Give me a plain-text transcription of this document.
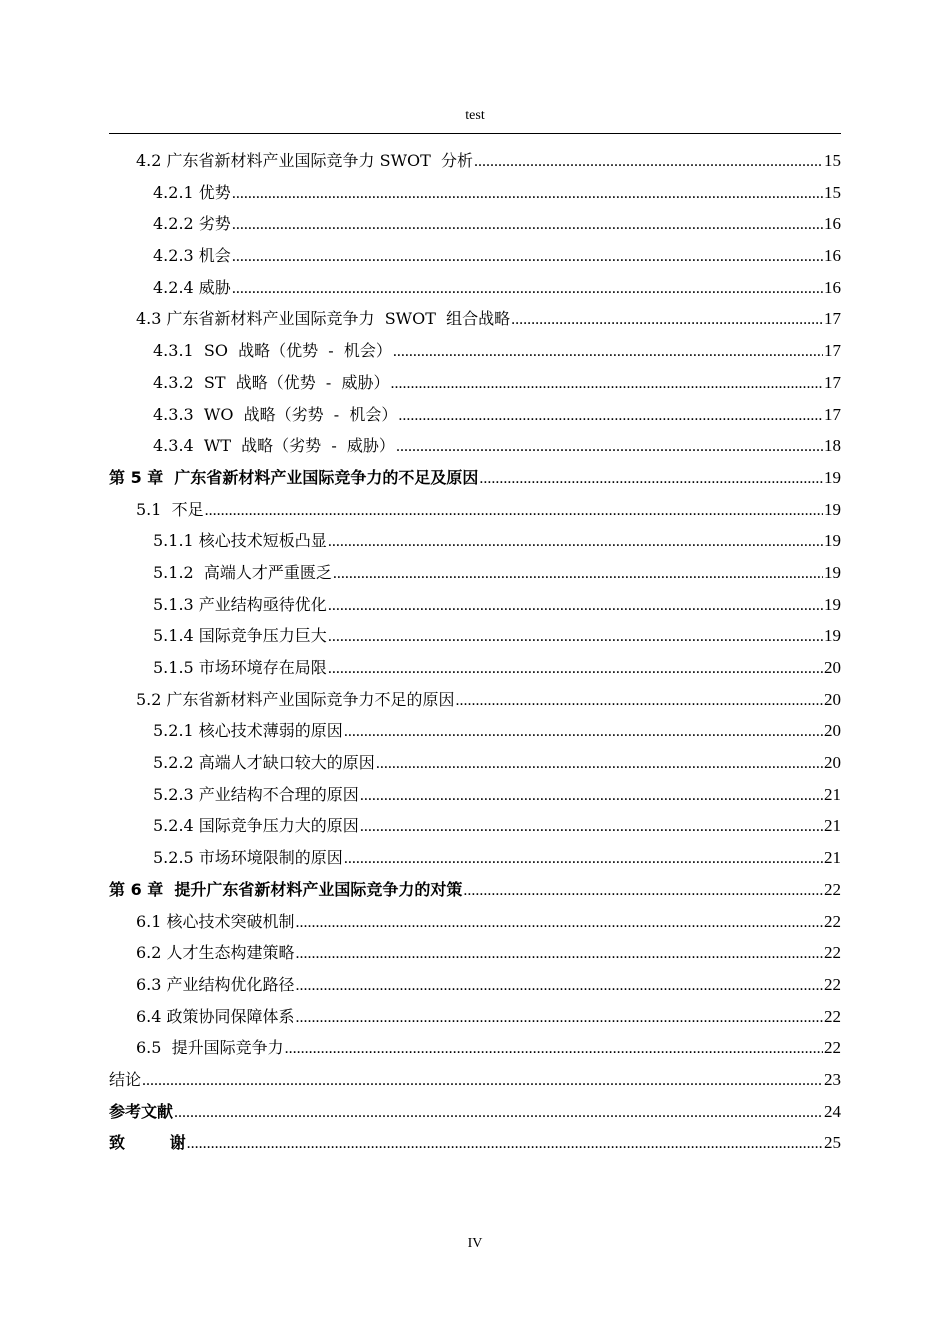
test
4.2 广东省新材料产业国际竞争力 SWOT  分析 .....	15
4.2.1 优势 .....	15
4.2.2 劣势 .....	16
4.2.3 机会 .....	16
4.2.4 威胁 .....	16
4.3 广东省新材料产业国际竞争力  SWOT  组合战略 .....	17
4.3.1  SO  战略（优势  -  机会） .....	17
4.3.2  ST  战略（优势  -  威胁） .....	17
4.3.3  WO  战略（劣势  -  机会） .....	17
4.3.4  WT  战略（劣势  -  威胁） .....	18
第 5 章  广东省新材料产业国际竞争力的不足及原因 .....	19
5.1  不足 .....	19
5.1.1 核心技术短板凸显 .....	19
5.1.2  高端人才严重匮乏 .....	19
5.1.3 产业结构亟待优化 .....	19
5.1.4 国际竞争压力巨大 .....	19
5.1.5 市场环境存在局限 .....	20
5.2 广东省新材料产业国际竞争力不足的原因 .....	20
5.2.1 核心技术薄弱的原因 .....	20
5.2.2 高端人才缺口较大的原因 .....	20
5.2.3 产业结构不合理的原因 .....	21
5.2.4 国际竞争压力大的原因 .....	21
5.2.5 市场环境限制的原因 .....	21
第 6 章  提升广东省新材料产业国际竞争力的对策 .....	22
6.1 核心技术突破机制 .....	22
6.2 人才生态构建策略 .....	22
6.3 产业结构优化路径 .....	22
6.4 政策协同保障体系 .....	22
6.5  提升国际竞争力 .....	22
结论 .....	23
参考文献 .....	24
致        谢 .....	25
IV
